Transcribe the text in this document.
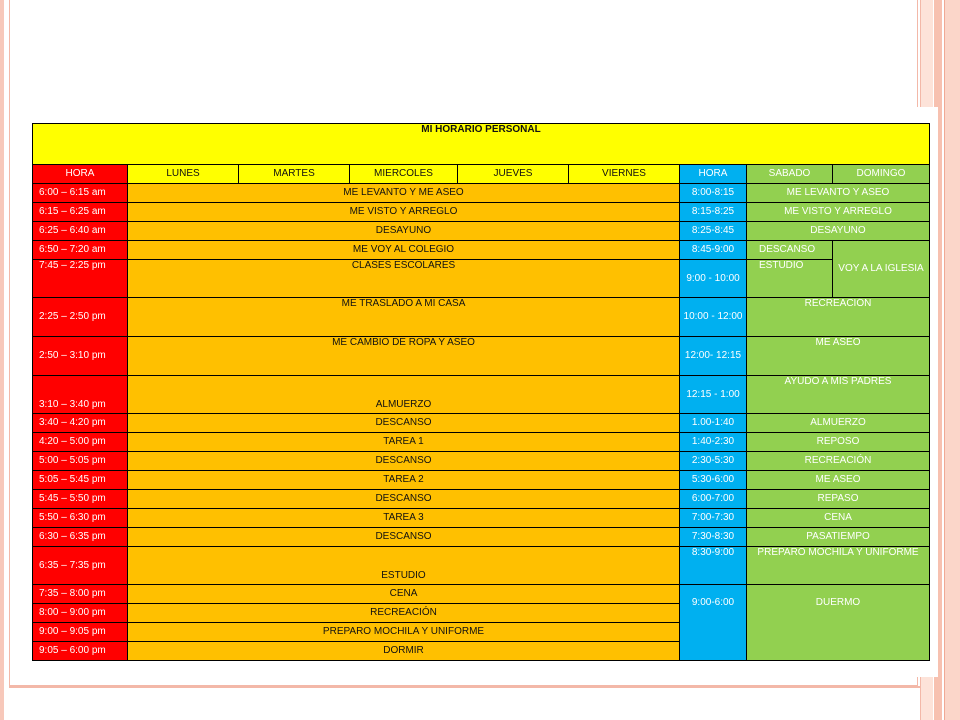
MI HORARIO PERSONAL								
HORA	LUNES	MARTES	MIERCOLES	JUEVES	VIERNES	HORA	SABADO	DOMINGO
6:00 – 6:15 am	ME LEVANTO Y ME ASEO					8:00-8:15	ME LEVANTO Y ASEO	
6:15 – 6:25 am	ME VISTO Y ARREGLO					8:15-8:25	ME VISTO Y ARREGLO	
6:25 – 6:40 am	DESAYUNO					8:25-8:45	DESAYUNO	
6:50 – 7:20 am	ME VOY AL COLEGIO					8:45-9:00	DESCANSO	VOY A LA IGLESIA
7:45 – 2:25 pm	CLASES ESCOLARES					9:00 - 10:00	ESTUDIO	
2:25 – 2:50 pm	ME TRASLADO A MI CASA					10:00 - 12:00	RECREACIÓN	
2:50 – 3:10 pm	ME CAMBIO DE ROPA Y ASEO					12:00- 12:15	ME ASEO	
3:10 – 3:40 pm	ALMUERZO					12:15 - 1:00	AYUDO A MIS PADRES	
3:40 – 4:20 pm	DESCANSO					1.00-1:40	ALMUERZO	
4:20 – 5:00 pm	TAREA 1					1:40-2:30	REPOSO	
5:00 – 5:05 pm	DESCANSO					2:30-5:30	RECREACIÓN	
5:05 – 5:45 pm	TAREA 2					5:30-6:00	ME ASEO	
5:45 – 5:50 pm	DESCANSO					6:00-7:00	REPASO	
5:50 – 6:30 pm	TAREA 3					7:00-7:30	CENA	
6:30 – 6:35 pm	DESCANSO					7:30-8:30	PASATIEMPO	
6:35 – 7:35 pm	ESTUDIO					8:30-9:00	PREPARO MOCHILA Y UNIFORME	
7:35 – 8:00 pm	CENA					9:00-6:00	DUERMO	
8:00 – 9:00 pm	RECREACIÓN							
9:00 – 9:05 pm	PREPARO MOCHILA Y UNIFORME							
9:05 – 6:00 pm	DORMIR							
